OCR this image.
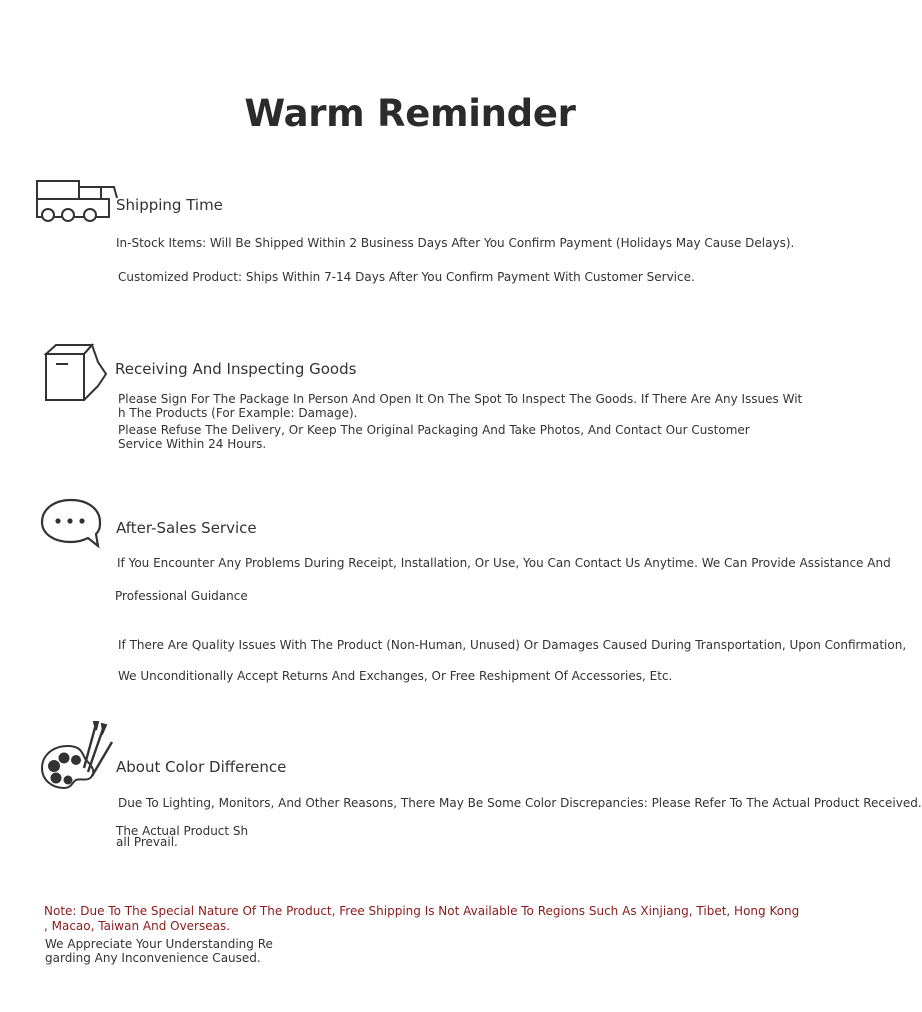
Warm Reminder
Shipping Time
In-Stock Items: Will Be Shipped Within 2 Business Days After You Confirm Payment (Holidays May Cause Delays).
Customized Product: Ships Within 7-14 Days After You Confirm Payment With Customer Service.
Receiving And Inspecting Goods
Please Sign For The Package In Person And Open It On The Spot To Inspect The Goods. If There Are Any Issues Wit
h The Products (For Example: Damage).
Please Refuse The Delivery, Or Keep The Original Packaging And Take Photos, And Contact Our Customer
Service Within 24 Hours.
After-Sales Service
If You Encounter Any Problems During Receipt, Installation, Or Use, You Can Contact Us Anytime. We Can Provide Assistance And
Professional Guidance
If There Are Quality Issues With The Product (Non-Human, Unused) Or Damages Caused During Transportation, Upon Confirmation,
We Unconditionally Accept Returns And Exchanges, Or Free Reshipment Of Accessories, Etc.
About Color Difference
Due To Lighting, Monitors, And Other Reasons, There May Be Some Color Discrepancies: Please Refer To The Actual Product Received.
The Actual Product Sh
all Prevail.
Note: Due To The Special Nature Of The Product, Free Shipping Is Not Available To Regions Such As Xinjiang, Tibet, Hong Kong
, Macao, Taiwan And Overseas.
We Appreciate Your Understanding Re
garding Any Inconvenience Caused.
